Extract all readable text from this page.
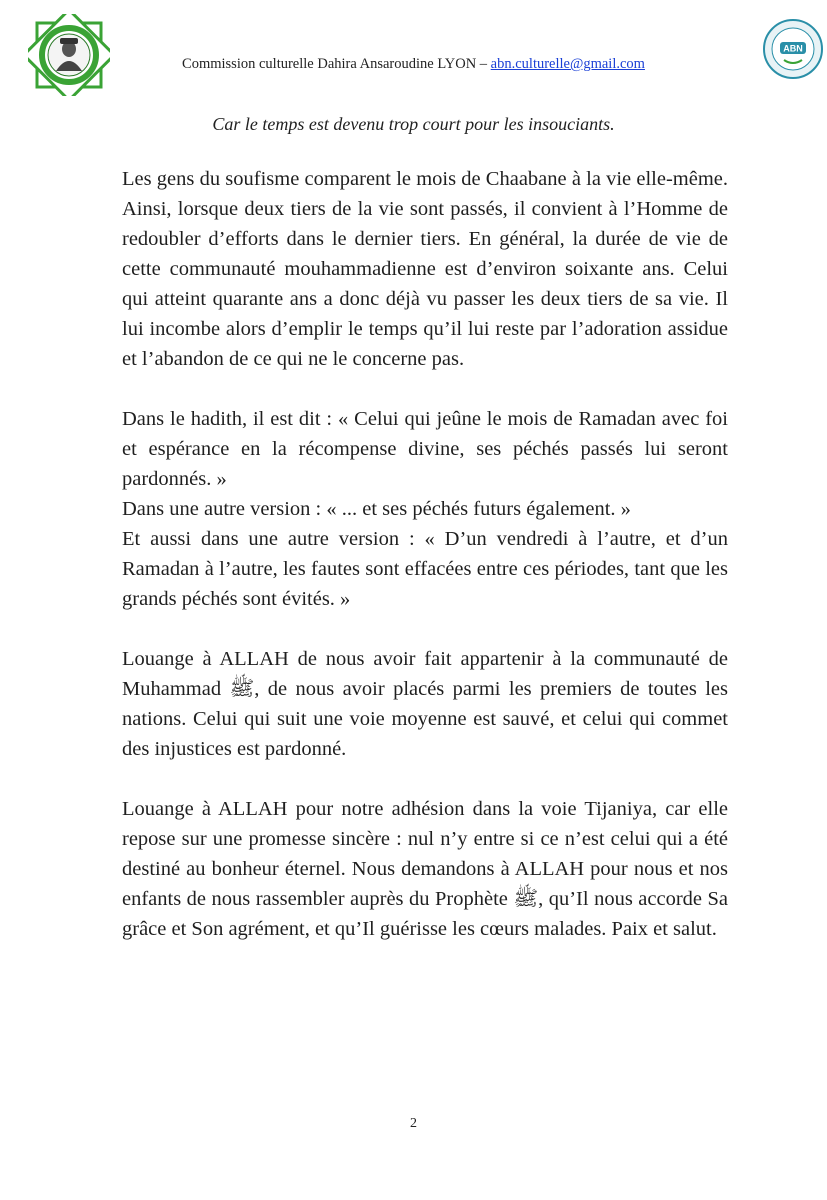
ABN
Commission culturelle Dahira Ansaroudine LYON – abn.culturelle@gmail.com
Car le temps est devenu trop court pour les insouciants.

Les gens du soufisme comparent le mois de Chaabane à la vie elle-même. Ainsi, lorsque deux tiers de la vie sont passés, il convient à l’Homme de redoubler d’efforts dans le dernier tiers. En général, la durée de vie de cette communauté mouhammadienne est d’environ soixante ans. Celui qui atteint quarante ans a donc déjà vu passer les deux tiers de sa vie. Il lui incombe alors d’emplir le temps qu’il lui reste par l’adoration assidue et l’abandon de ce qui ne le concerne pas.

Dans le hadith, il est dit : « Celui qui jeûne le mois de Ramadan avec foi et espérance en la récompense divine, ses péchés passés lui seront pardonnés. »

Dans une autre version : « ... et ses péchés futurs également. »

Et aussi dans une autre version : « D’un vendredi à l’autre, et d’un Ramadan à l’autre, les fautes sont effacées entre ces périodes, tant que les grands péchés sont évités. »

Louange à ALLAH de nous avoir fait appartenir à la communauté de Muhammad ﷺ, de nous avoir placés parmi les premiers de toutes les nations. Celui qui suit une voie moyenne est sauvé, et celui qui commet des injustices est pardonné.

Louange à ALLAH pour notre adhésion dans la voie Tijaniya, car elle repose sur une promesse sincère : nul n’y entre si ce n’est celui qui a été destiné au bonheur éternel. Nous demandons à ALLAH pour nous et nos enfants de nous rassembler auprès du Prophète ﷺ, qu’Il nous accorde Sa grâce et Son agrément, et qu’Il guérisse les cœurs malades. Paix et salut.

2
